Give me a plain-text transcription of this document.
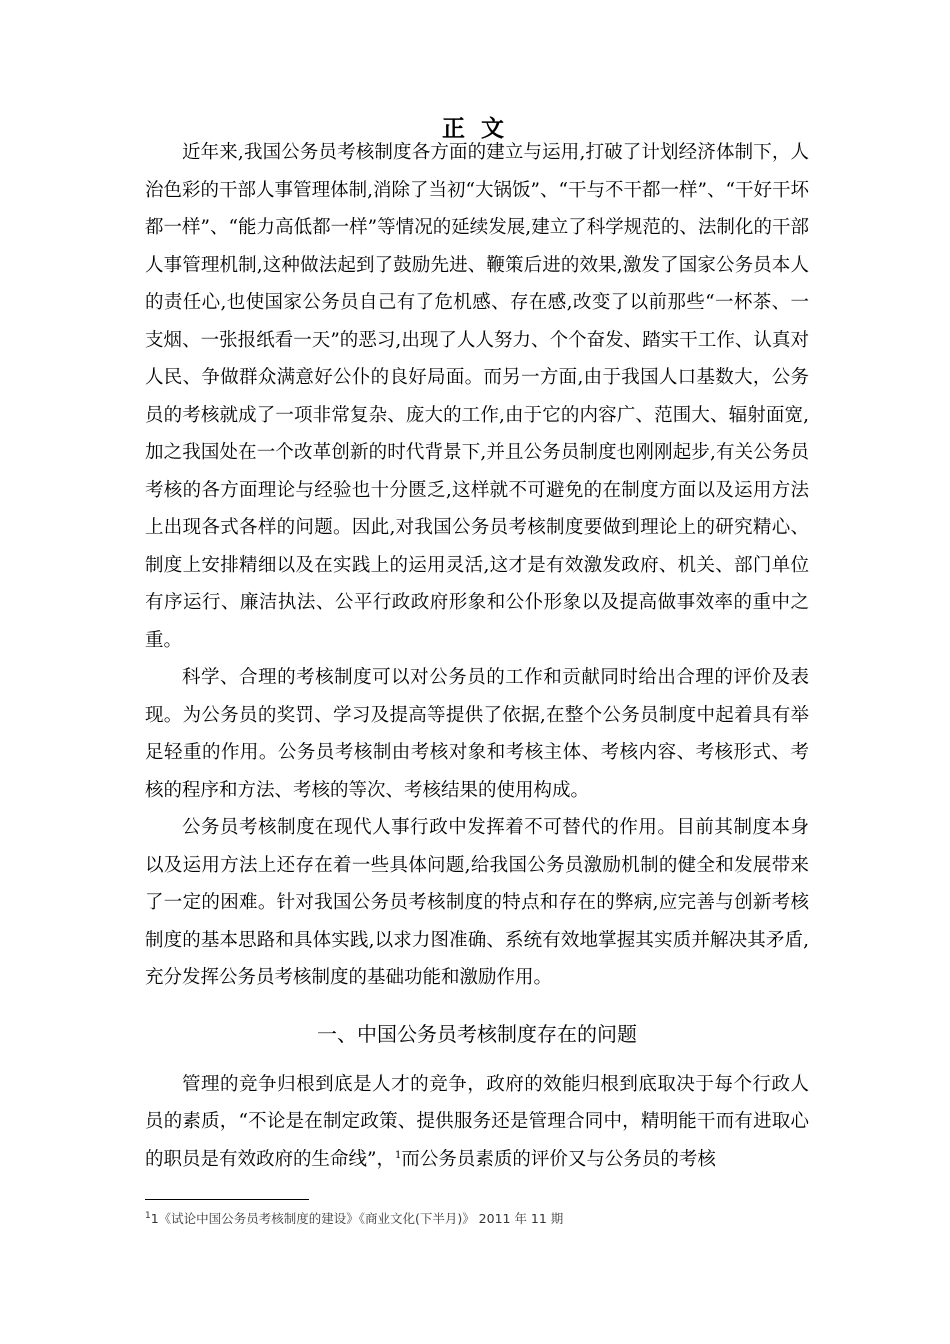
正 文

近年来,我国公务员考核制度各方面的建立与运用,打破了计划经济体制下，人治色彩的干部人事管理体制,消除了当初“大锅饭”、“干与不干都一样”、“干好干坏都一样”、“能力高低都一样”等情况的延续发展,建立了科学规范的、法制化的干部人事管理机制,这种做法起到了鼓励先进、鞭策后进的效果,激发了国家公务员本人的责任心,也使国家公务员自己有了危机感、存在感,改变了以前那些“一杯茶、一支烟、一张报纸看一天”的恶习,出现了人人努力、个个奋发、踏实干工作、认真对人民、争做群众满意好公仆的良好局面。而另一方面,由于我国人口基数大，公务员的考核就成了一项非常复杂、庞大的工作,由于它的内容广、范围大、辐射面宽,加之我国处在一个改革创新的时代背景下,并且公务员制度也刚刚起步,有关公务员考核的各方面理论与经验也十分匮乏,这样就不可避免的在制度方面以及运用方法上出现各式各样的问题。因此,对我国公务员考核制度要做到理论上的研究精心、制度上安排精细以及在实践上的运用灵活,这才是有效激发政府、机关、部门单位有序运行、廉洁执法、公平行政政府形象和公仆形象以及提高做事效率的重中之重。

科学、合理的考核制度可以对公务员的工作和贡献同时给出合理的评价及表现。为公务员的奖罚、学习及提高等提供了依据,在整个公务员制度中起着具有举足轻重的作用。公务员考核制由考核对象和考核主体、考核内容、考核形式、考核的程序和方法、考核的等次、考核结果的使用构成。

公务员考核制度在现代人事行政中发挥着不可替代的作用。目前其制度本身以及运用方法上还存在着一些具体问题,给我国公务员激励机制的健全和发展带来了一定的困难。针对我国公务员考核制度的特点和存在的弊病,应完善与创新考核制度的基本思路和具体实践,以求力图准确、系统有效地掌握其实质并解决其矛盾,充分发挥公务员考核制度的基础功能和激励作用。

一、中国公务员考核制度存在的问题

管理的竞争归根到底是人才的竞争，政府的效能归根到底取决于每个行政人员的素质，“不论是在制定政策、提供服务还是管理合同中，精明能干而有进取心的职员是有效政府的生命线”，$^1$而公务员素质的评价又与公务员的考核

$^1$1《试论中国公务员考核制度的建设》《商业文化(下半月)》 2011 年 11 期
